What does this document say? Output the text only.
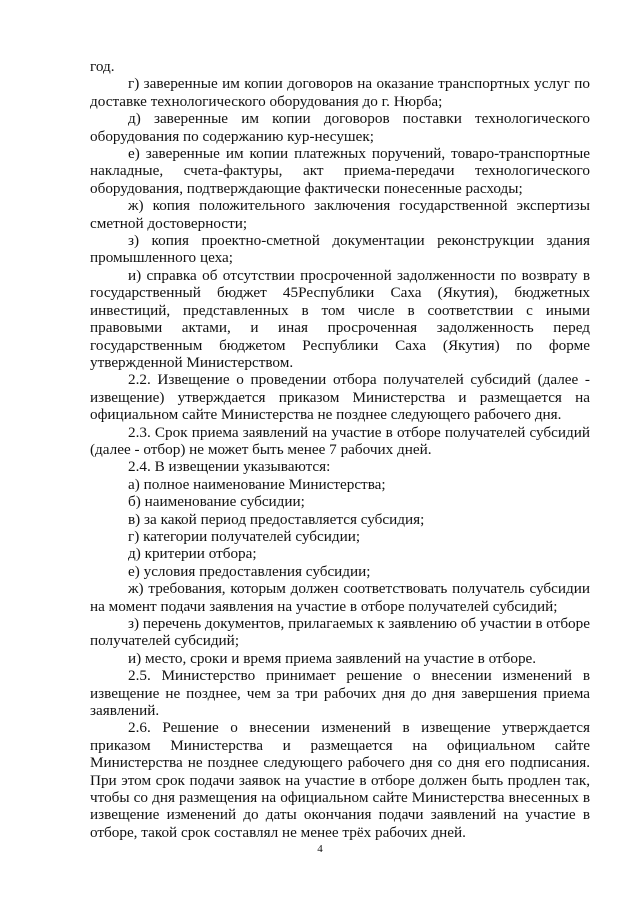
год.

г) заверенные им копии договоров на оказание транспортных услуг по доставке технологического оборудования до г. Нюрба;

д) заверенные им копии договоров поставки технологического оборудования по содержанию кур-несушек;

е) заверенные им копии платежных поручений, товаро-транспортные накладные, счета-фактуры, акт приема-передачи технологического оборудования, подтверждающие фактически понесенные расходы;

ж) копия положительного заключения государственной экспертизы сметной достоверности;

з) копия проектно-сметной документации реконструкции здания промышленного цеха;

и) справка об отсутствии просроченной задолженности по возврату в государственный бюджет 45Республики Саха (Якутия), бюджетных инвестиций, представленных в том числе в соответствии с иными правовыми актами, и иная просроченная задолженность перед государственным бюджетом Республики Саха (Якутия) по форме утвержденной Министерством.

2.2. Извещение о проведении отбора получателей субсидий (далее - извещение) утверждается приказом Министерства и размещается на официальном сайте Министерства не позднее следующего рабочего дня.

2.3. Срок приема заявлений на участие в отборе получателей субсидий (далее - отбор) не может быть менее 7 рабочих дней.

2.4. В извещении указываются:

а) полное наименование Министерства;

б) наименование субсидии;

в) за какой период предоставляется субсидия;

г) категории получателей субсидии;

д) критерии отбора;

е) условия предоставления субсидии;

ж) требования, которым должен соответствовать получатель субсидии на момент подачи заявления на участие в отборе получателей субсидий;

з) перечень документов, прилагаемых к заявлению об участии в отборе получателей субсидий;

и) место, сроки и время приема заявлений на участие в отборе.

2.5. Министерство принимает решение о внесении изменений в извещение не позднее, чем за три рабочих дня до дня завершения приема заявлений.

2.6. Решение о внесении изменений в извещение утверждается приказом Министерства и размещается на официальном сайте Министерства не позднее следующего рабочего дня со дня его подписания. При этом срок подачи заявок на участие в отборе должен быть продлен так, чтобы со дня размещения на официальном сайте Министерства внесенных в извещение изменений до даты окончания подачи заявлений на участие в отборе, такой срок составлял не менее трёх рабочих дней.

4
